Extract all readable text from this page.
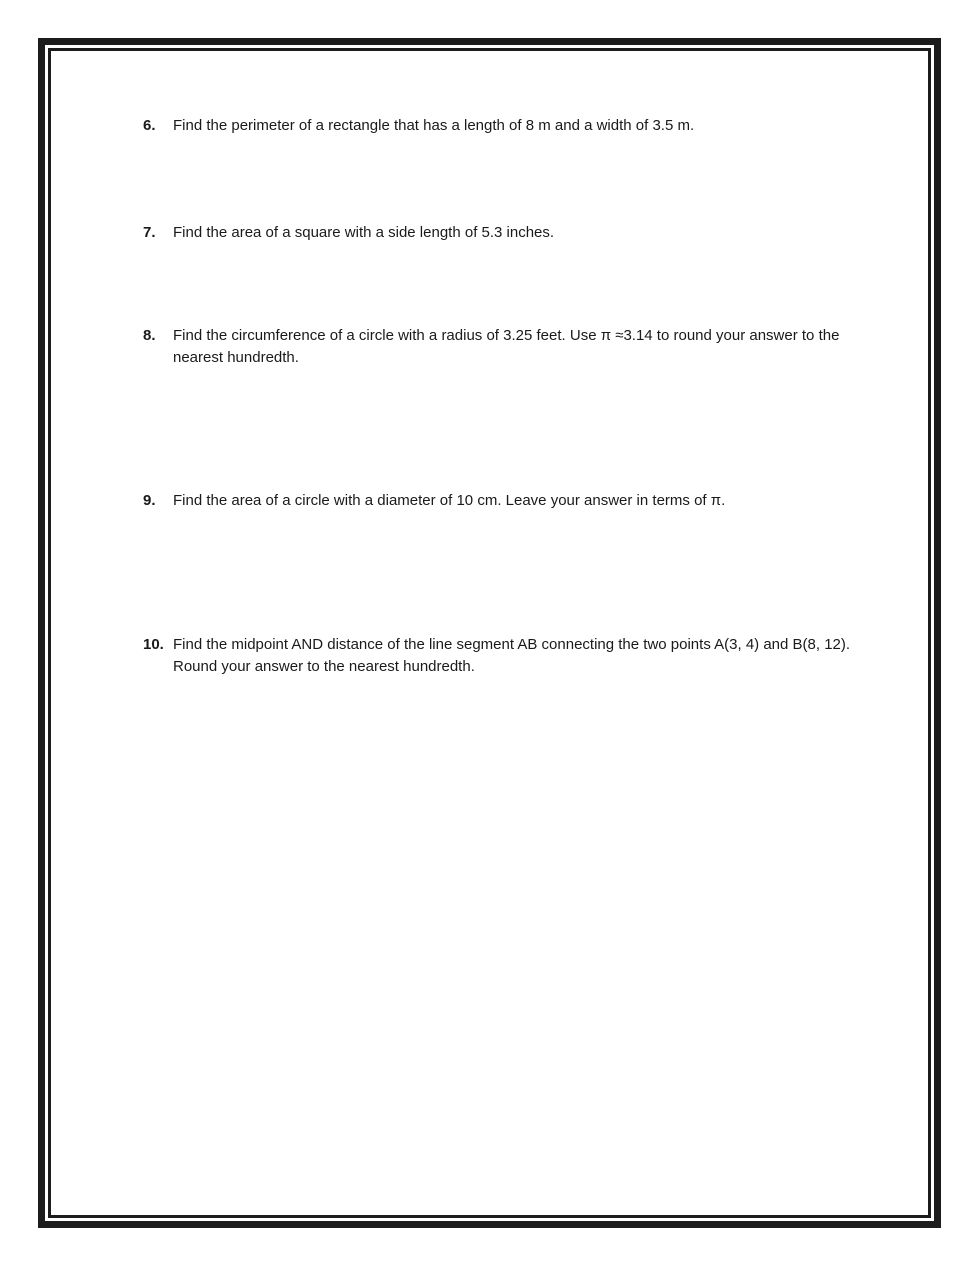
6. Find the perimeter of a rectangle that has a length of 8 m and a width of 3.5 m.
7. Find the area of a square with a side length of 5.3 inches.
8. Find the circumference of a circle with a radius of 3.25 feet. Use π ≈3.14 to round your answer to the nearest hundredth.
9. Find the area of a circle with a diameter of 10 cm. Leave your answer in terms of π.
10. Find the midpoint AND distance of the line segment AB connecting the two points A(3, 4) and B(8, 12). Round your answer to the nearest hundredth.
